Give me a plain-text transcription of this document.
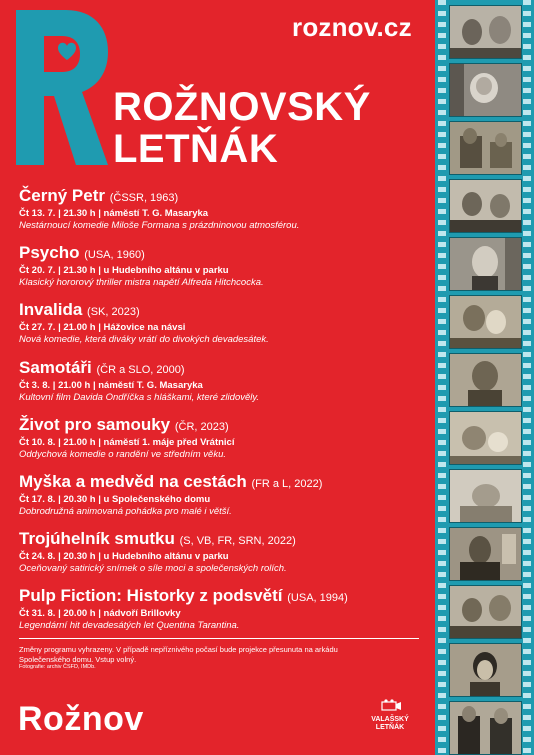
roznov.cz
ROŽNOVSKÝ
LETŇÁK
Černý Petr (ČSSR, 1963)
Čt 13. 7. | 21.30 h | náměstí T. G. Masaryka
Nestárnoucí komedie Miloše Formana s prázdninovou atmosférou.
Psycho (USA, 1960)
Čt 20. 7. | 21.30 h | u Hudebního altánu v parku
Klasický hororový thriller mistra napětí Alfreda Hitchcocka.
Invalida (SK, 2023)
Čt 27. 7. | 21.00 h | Hážovice na návsi
Nová komedie, která diváky vrátí do divokých devadesátek.
Samotáři (ČR a SLO, 2000)
Čt 3. 8. | 21.00 h | náměstí T. G. Masaryka
Kultovní film Davida Ondříčka s hláškami, které zlidověly.
Život pro samouky (ČR, 2023)
Čt 10. 8. | 21.00 h | náměstí 1. máje před Vrátnicí
Oddychová komedie o randění ve středním věku.
Myška a medvěd na cestách (FR a L, 2022)
Čt 17. 8. | 20.30 h | u Společenského domu
Dobrodružná animovaná pohádka pro malé i větší.
Trojúhelník smutku (S, VB, FR, SRN, 2022)
Čt 24. 8. | 20.30 h | u Hudebního altánu v parku
Oceňovaný satirický snímek o síle moci a společenských rolích.
Pulp Fiction: Historky z podsvětí (USA, 1994)
Čt 31. 8. | 20.00 h | nádvoří Brillovky
Legendární hit devadesátých let Quentina Tarantina.
Změny programu vyhrazeny. V případě nepříznivého počasí bude projekce přesunuta na arkádu Společenského domu. Vstup volný.
Fotografie: archiv ČSFD, IMDb.
Rožnov	VALAŠSKÝ
LETŇÁK
